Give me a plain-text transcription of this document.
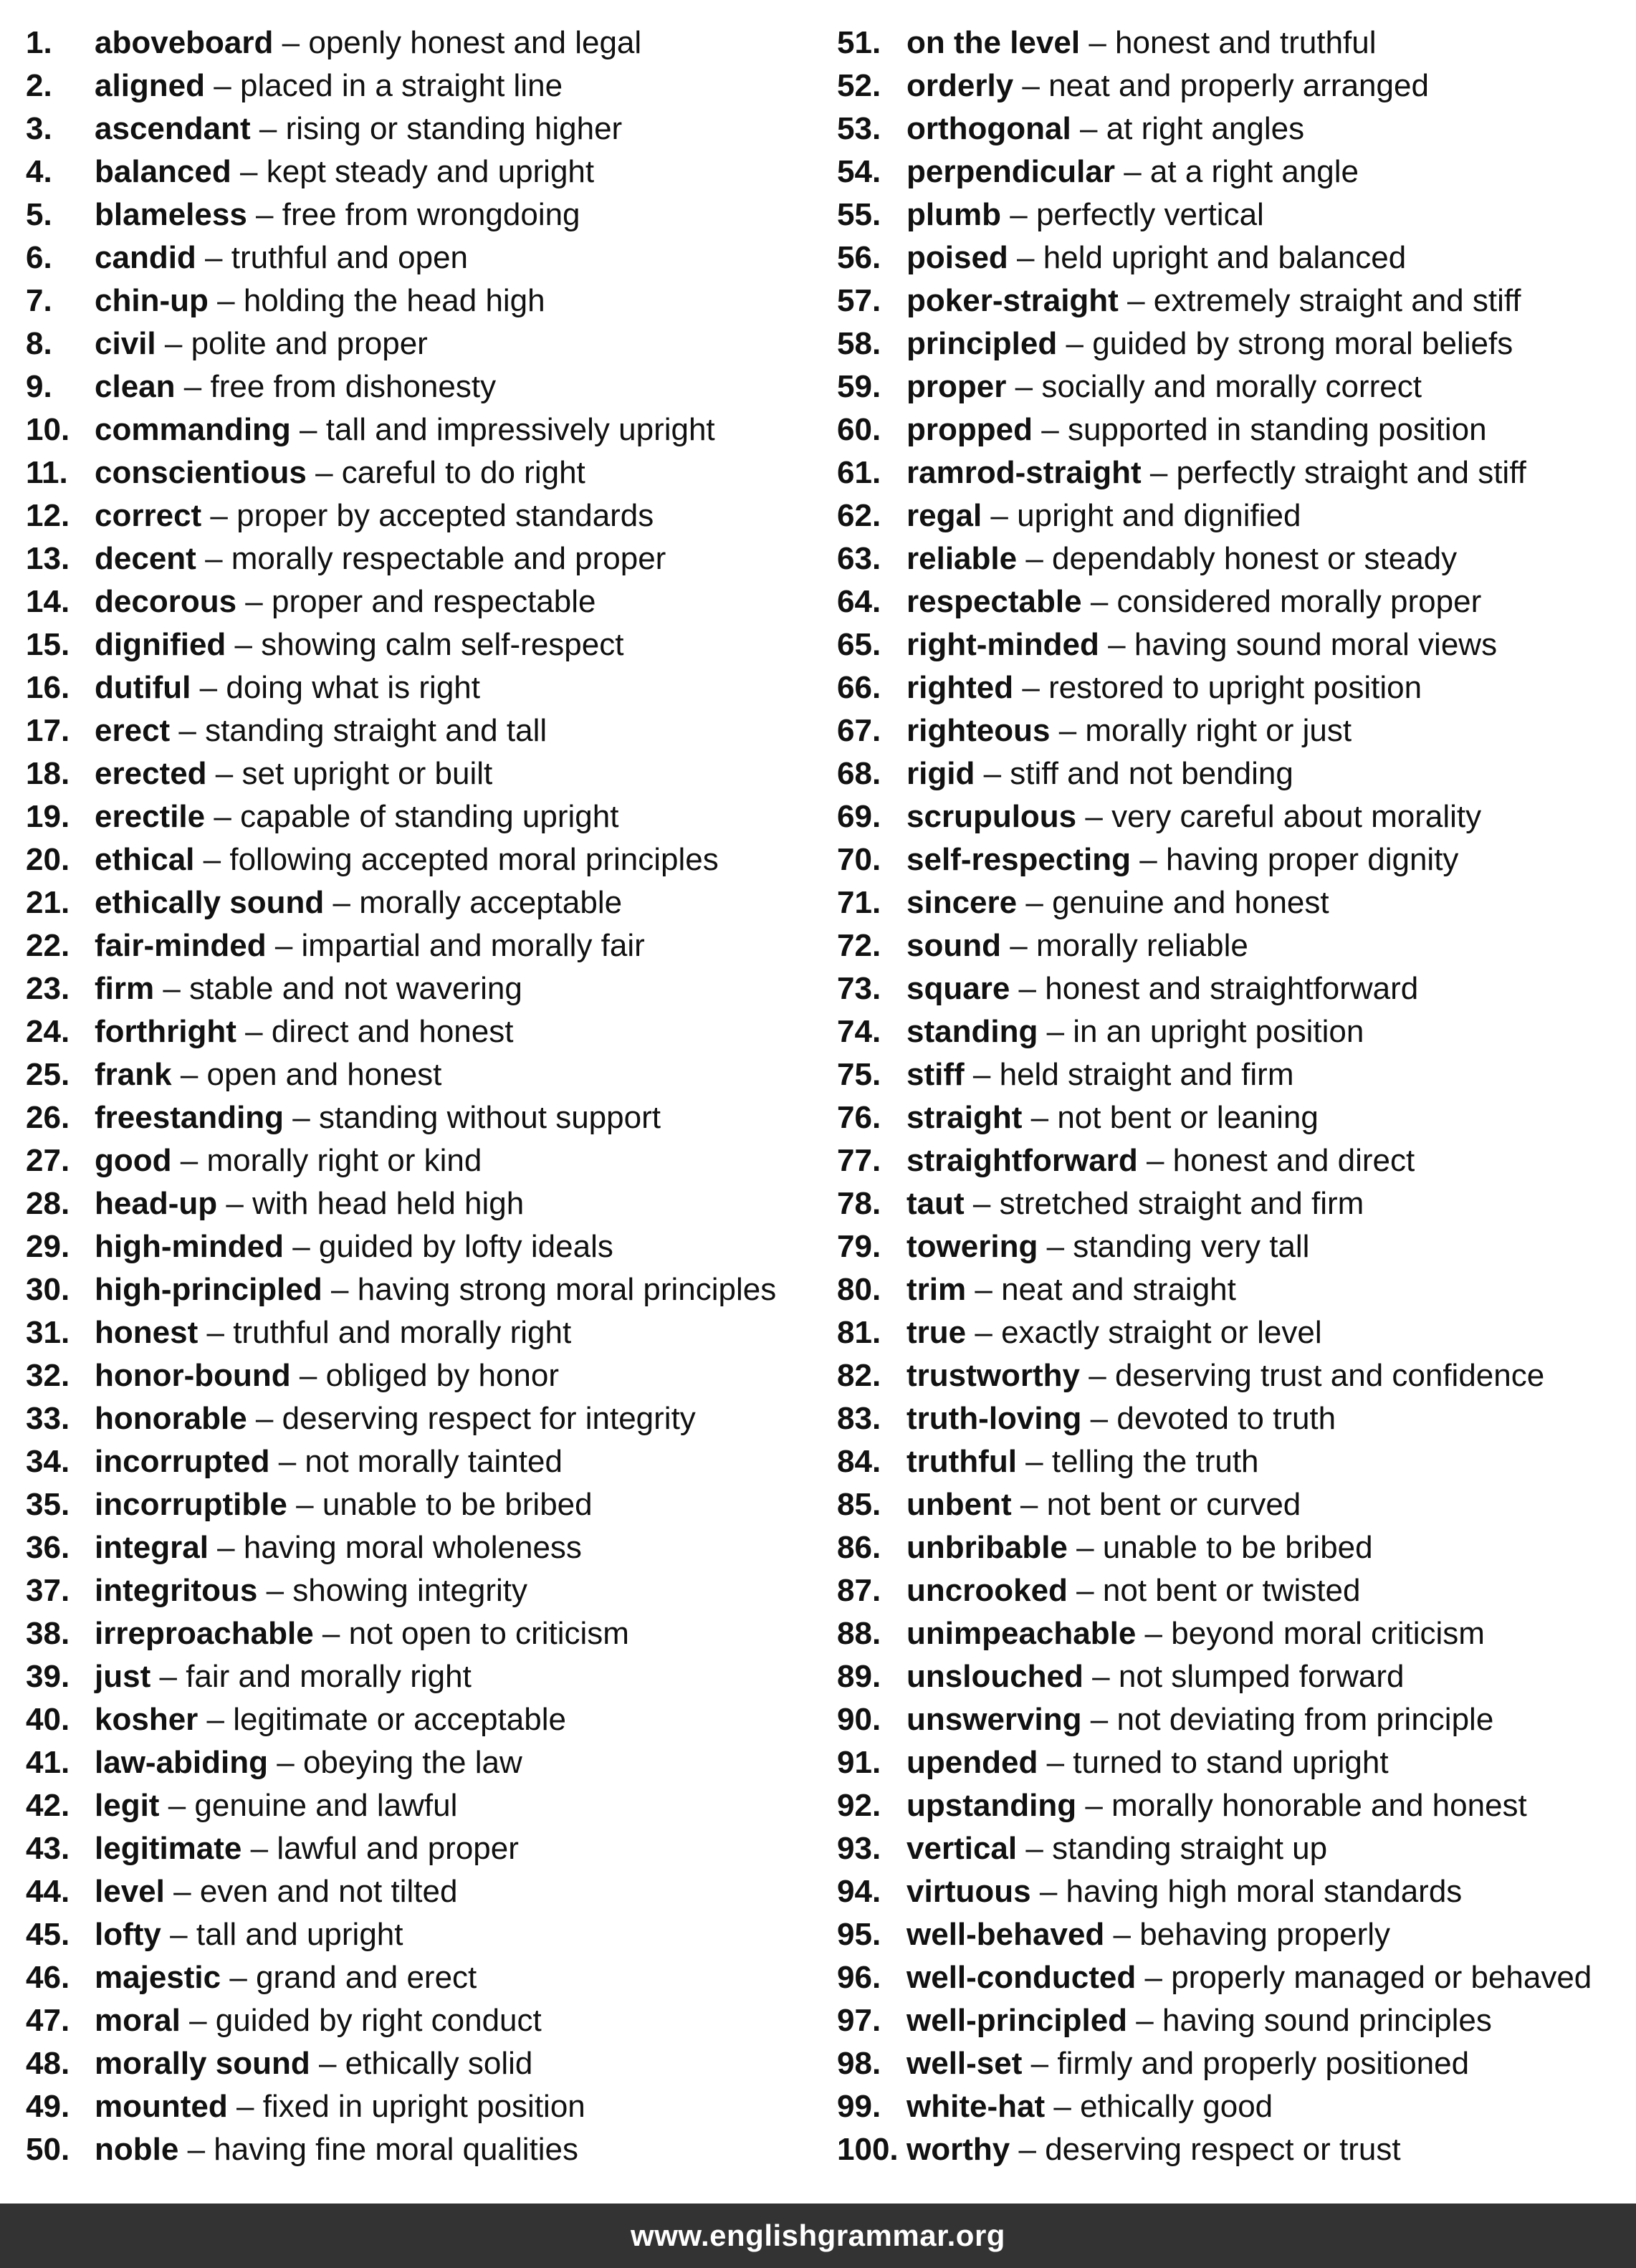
1. aboveboard – openly honest and legal
2. aligned – placed in a straight line
3. ascendant – rising or standing higher
4. balanced – kept steady and upright
5. blameless – free from wrongdoing
6. candid – truthful and open
7. chin-up – holding the head high
8. civil – polite and proper
9. clean – free from dishonesty
10. commanding – tall and impressively upright
11. conscientious – careful to do right
12. correct – proper by accepted standards
13. decent – morally respectable and proper
14. decorous – proper and respectable
15. dignified – showing calm self-respect
16. dutiful – doing what is right
17. erect – standing straight and tall
18. erected – set upright or built
19. erectile – capable of standing upright
20. ethical – following accepted moral principles
21. ethically sound – morally acceptable
22. fair-minded – impartial and morally fair
23. firm – stable and not wavering
24. forthright – direct and honest
25. frank – open and honest
26. freestanding – standing without support
27. good – morally right or kind
28. head-up – with head held high
29. high-minded – guided by lofty ideals
30. high-principled – having strong moral principles
31. honest – truthful and morally right
32. honor-bound – obliged by honor
33. honorable – deserving respect for integrity
34. incorrupted – not morally tainted
35. incorruptible – unable to be bribed
36. integral – having moral wholeness
37. integritous – showing integrity
38. irreproachable – not open to criticism
39. just – fair and morally right
40. kosher – legitimate or acceptable
41. law-abiding – obeying the law
42. legit – genuine and lawful
43. legitimate – lawful and proper
44. level – even and not tilted
45. lofty – tall and upright
46. majestic – grand and erect
47. moral – guided by right conduct
48. morally sound – ethically solid
49. mounted – fixed in upright position
50. noble – having fine moral qualities
51. on the level – honest and truthful
52. orderly – neat and properly arranged
53. orthogonal – at right angles
54. perpendicular – at a right angle
55. plumb – perfectly vertical
56. poised – held upright and balanced
57. poker-straight – extremely straight and stiff
58. principled – guided by strong moral beliefs
59. proper – socially and morally correct
60. propped – supported in standing position
61. ramrod-straight – perfectly straight and stiff
62. regal – upright and dignified
63. reliable – dependably honest or steady
64. respectable – considered morally proper
65. right-minded – having sound moral views
66. righted – restored to upright position
67. righteous – morally right or just
68. rigid – stiff and not bending
69. scrupulous – very careful about morality
70. self-respecting – having proper dignity
71. sincere – genuine and honest
72. sound – morally reliable
73. square – honest and straightforward
74. standing – in an upright position
75. stiff – held straight and firm
76. straight – not bent or leaning
77. straightforward – honest and direct
78. taut – stretched straight and firm
79. towering – standing very tall
80. trim – neat and straight
81. true – exactly straight or level
82. trustworthy – deserving trust and confidence
83. truth-loving – devoted to truth
84. truthful – telling the truth
85. unbent – not bent or curved
86. unbribable – unable to be bribed
87. uncrooked – not bent or twisted
88. unimpeachable – beyond moral criticism
89. unslouched – not slumped forward
90. unswerving – not deviating from principle
91. upended – turned to stand upright
92. upstanding – morally honorable and honest
93. vertical – standing straight up
94. virtuous – having high moral standards
95. well-behaved – behaving properly
96. well-conducted – properly managed or behaved
97. well-principled – having sound principles
98. well-set – firmly and properly positioned
99. white-hat – ethically good
100. worthy – deserving respect or trust
www.englishgrammar.org
